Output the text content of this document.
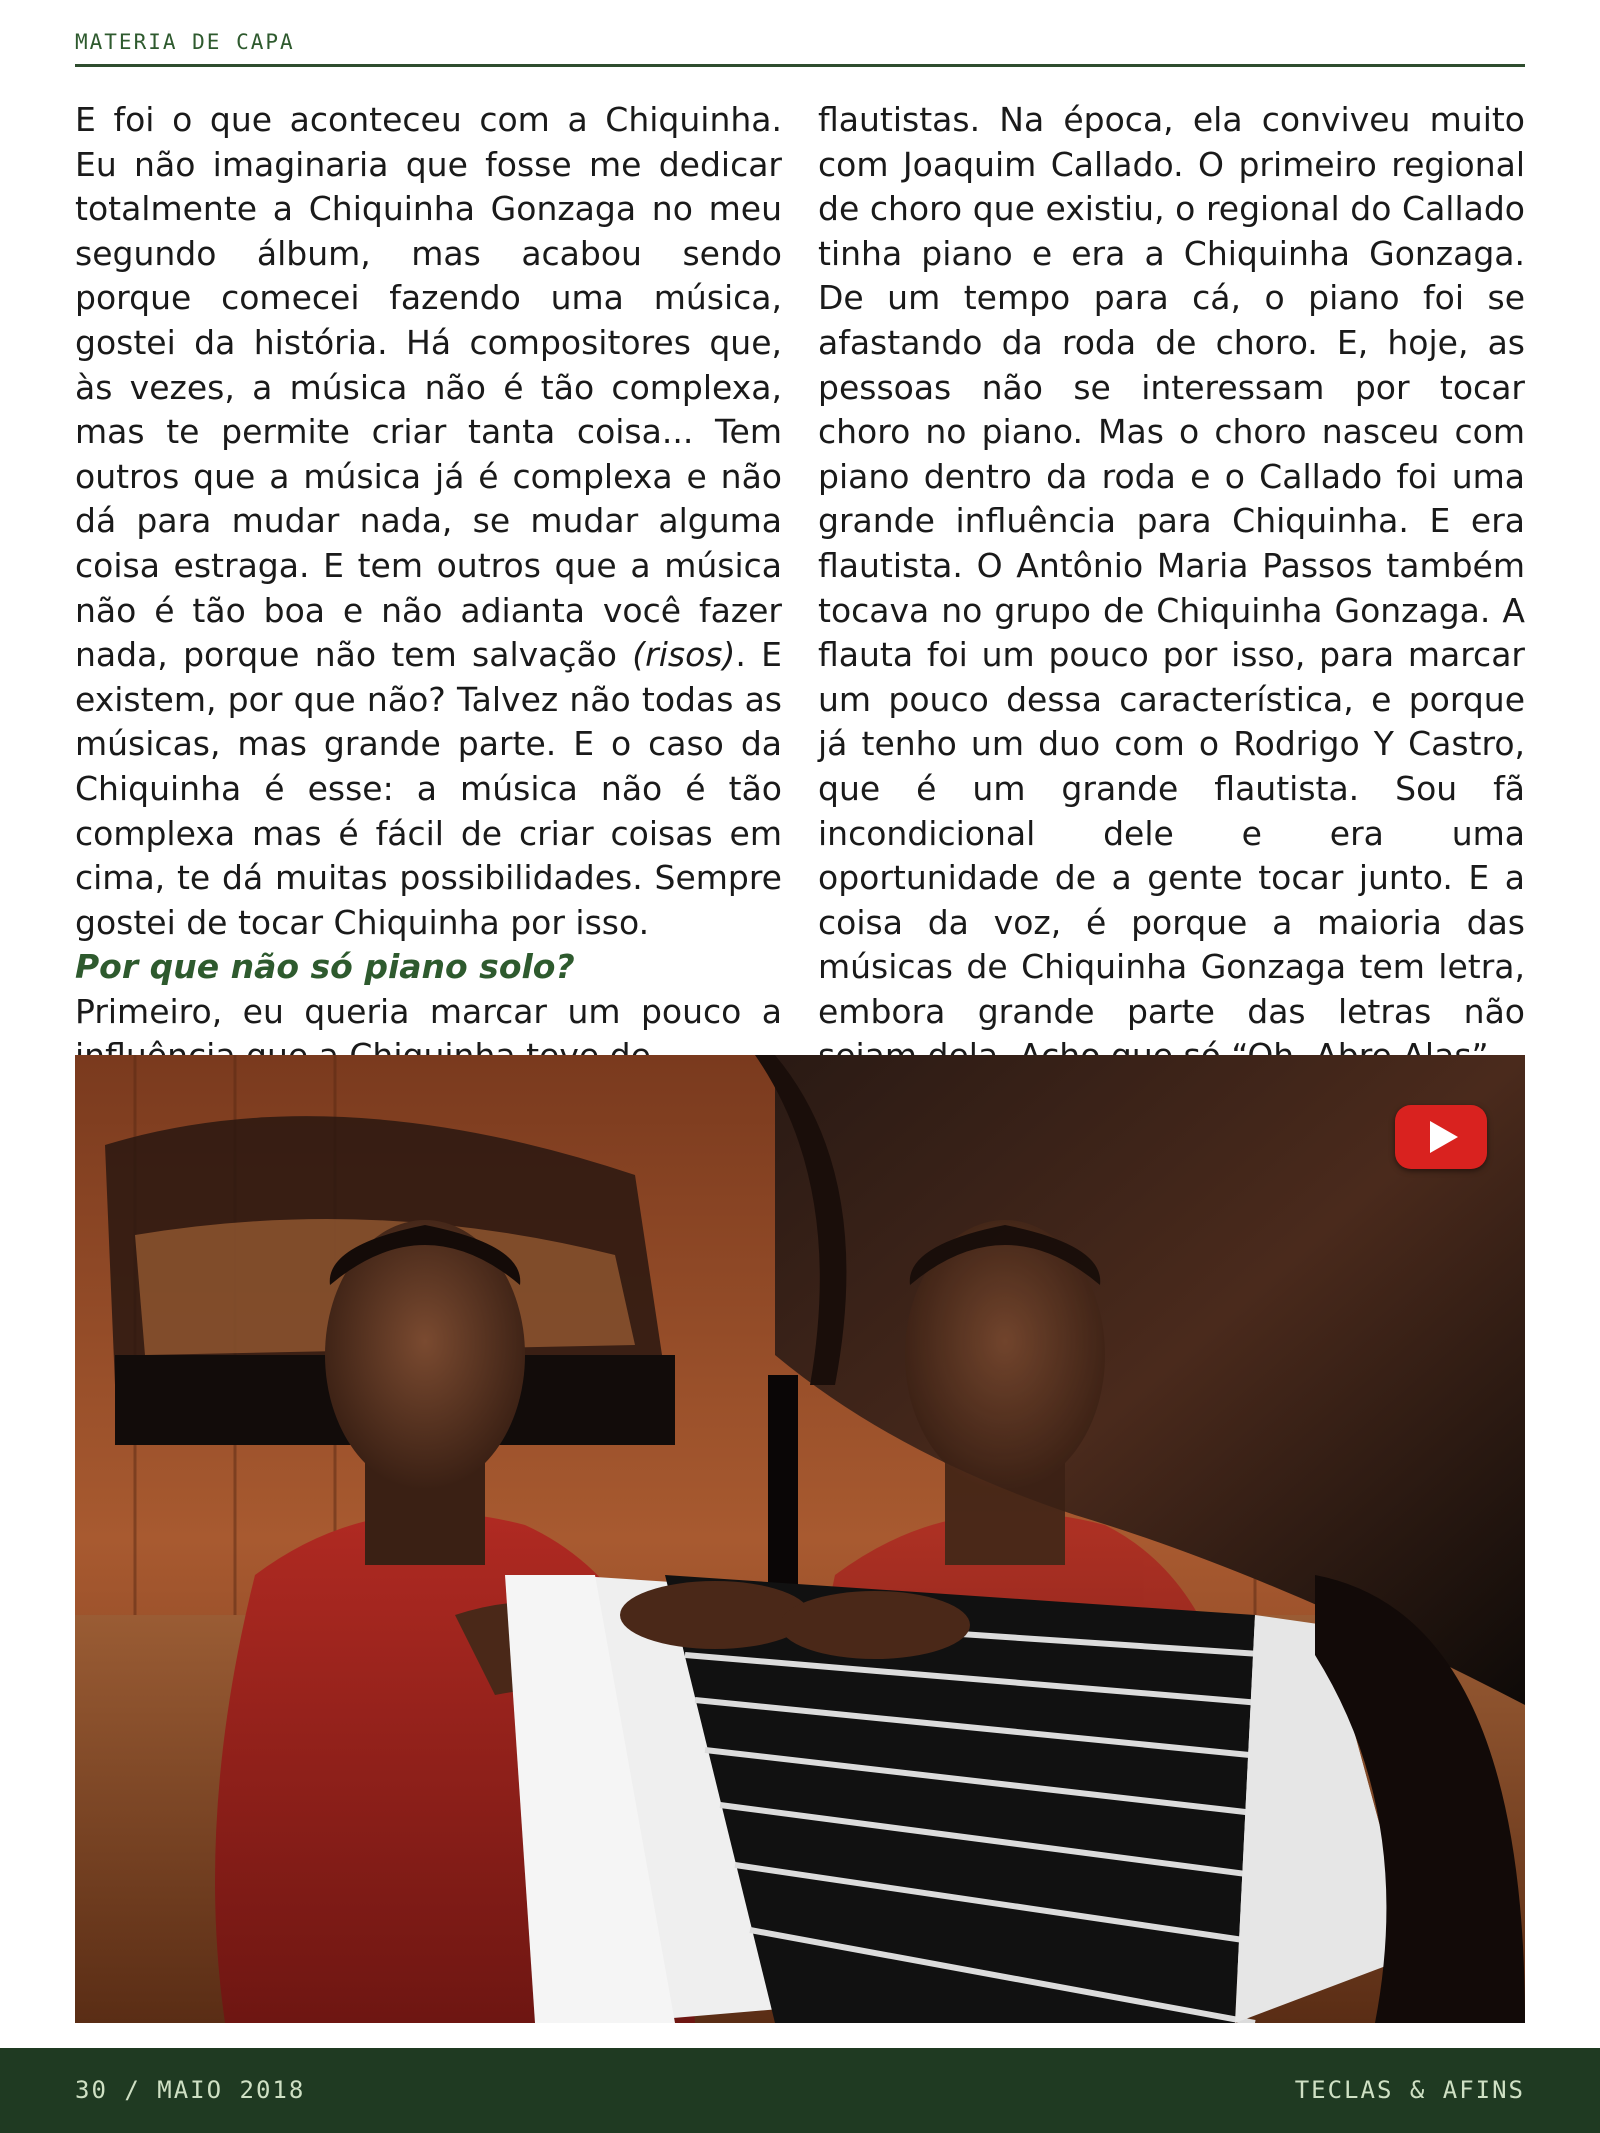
MATERIA DE CAPA

E foi o que aconteceu com a Chiquinha. Eu não imaginaria que fosse me dedicar totalmente a Chiquinha Gonzaga no meu segundo álbum, mas acabou sendo porque comecei fazendo uma música, gostei da história. Há compositores que, às vezes, a música não é tão complexa, mas te permite criar tanta coisa... Tem outros que a música já é complexa e não dá para mudar nada, se mudar alguma coisa estraga. E tem outros que a música não é tão boa e não adianta você fazer nada, porque não tem salvação (risos). E existem, por que não? Talvez não todas as músicas, mas grande parte. E o caso da Chiquinha é esse: a música não é tão complexa mas é fácil de criar coisas em cima, te dá muitas possibilidades. Sempre gostei de tocar Chiquinha por isso.

Por que não só piano solo?

Primeiro, eu queria marcar um pouco a

flautistas. Na época, ela conviveu muito com Joaquim Callado. O primeiro regional de choro que existiu, o regional do Callado tinha piano e era a Chiquinha Gonzaga. De um tempo para cá, o piano foi se afastando da roda de choro. E, hoje, as pessoas não se interessam por tocar choro no piano. Mas o choro nasceu com piano dentro da roda e o Callado foi uma grande influência para Chiquinha. E era flautista. O Antônio Maria Passos também tocava no grupo de Chiquinha Gonzaga. A flauta foi um pouco por isso, para marcar um pouco dessa característica, e porque já tenho um duo com o Rodrigo Y Castro, que é um grande flautista. Sou fã incondicional dele e era uma oportunidade de a gente tocar junto. E a coisa da voz, é porque a maioria das músicas de Chiquinha Gonzaga tem letra, embora grande parte das letras não

30 / MAIO 2018	TECLAS & AFINS
